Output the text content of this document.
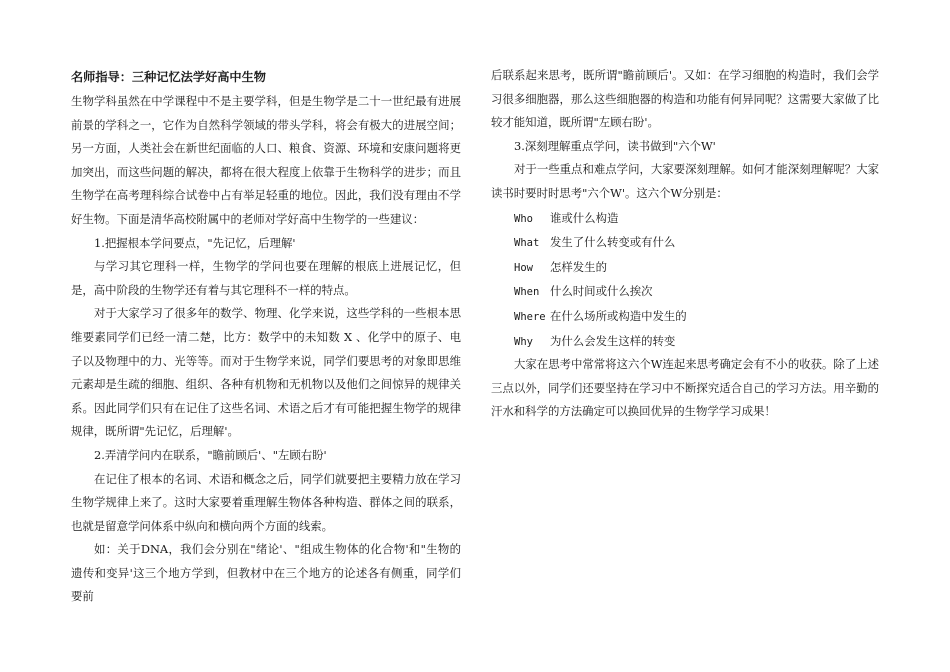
名师指导：三种记忆法学好高中生物

生物学科虽然在中学课程中不是主要学科，但是生物学是二十一世纪最有进展前景的学科之一，它作为自然科学领域的带头学科，将会有极大的进展空间；另一方面，人类社会在新世纪面临的人口、粮食、资源、环境和安康问题将更加突出，而这些问题的解决，都将在很大程度上依靠于生物科学的进步；而且生物学在高考理科综合试卷中占有举足轻重的地位。因此，我们没有理由不学好生物。下面是清华高校附属中的老师对学好高中生物学的一些建议：

1.把握根本学问要点，"先记忆，后理解'

与学习其它理科一样，生物学的学问也要在理解的根底上进展记忆，但是，高中阶段的生物学还有着与其它理科不一样的特点。

对于大家学习了很多年的数学、物理、化学来说，这些学科的一些根本思维要素同学们已经一清二楚，比方：数学中的未知数 X 、化学中的原子、电子以及物理中的力、光等等。而对于生物学来说，同学们要思考的对象即思维元素却是生疏的细胞、组织、各种有机物和无机物以及他们之间惊异的规律关系。因此同学们只有在记住了这些名词、术语之后才有可能把握生物学的规律规律，既所谓"先记忆，后理解'。

2.弄清学问内在联系，"瞻前顾后'、"左顾右盼'

在记住了根本的名词、术语和概念之后，同学们就要把主要精力放在学习生物学规律上来了。这时大家要着重理解生物体各种构造、群体之间的联系，也就是留意学问体系中纵向和横向两个方面的线索。

如：关于DNA，我们会分别在"绪论'、"组成生物体的化合物'和"生物的遗传和变异'这三个地方学到，但教材中在三个地方的论述各有侧重，同学们要前

后联系起来思考，既所谓"瞻前顾后'。又如：在学习细胞的构造时，我们会学习很多细胞器，那么这些细胞器的构造和功能有何异同呢？这需要大家做了比较才能知道，既所谓"左顾右盼'。

3.深刻理解重点学问，读书做到"六个W'

对于一些重点和难点学问，大家要深刻理解。如何才能深刻理解呢？大家读书时要时时思考"六个W'。这六个W分别是：

Who 谁或什么构造
What 发生了什么转变或有什么
How 怎样发生的
When 什么时间或什么挨次
Where 在什么场所或构造中发生的
Why 为什么会发生这样的转变

大家在思考中常常将这六个W连起来思考确定会有不小的收获。除了上述三点以外，同学们还要坚持在学习中不断探究适合自己的学习方法。用辛勤的汗水和科学的方法确定可以换回优异的生物学学习成果！
